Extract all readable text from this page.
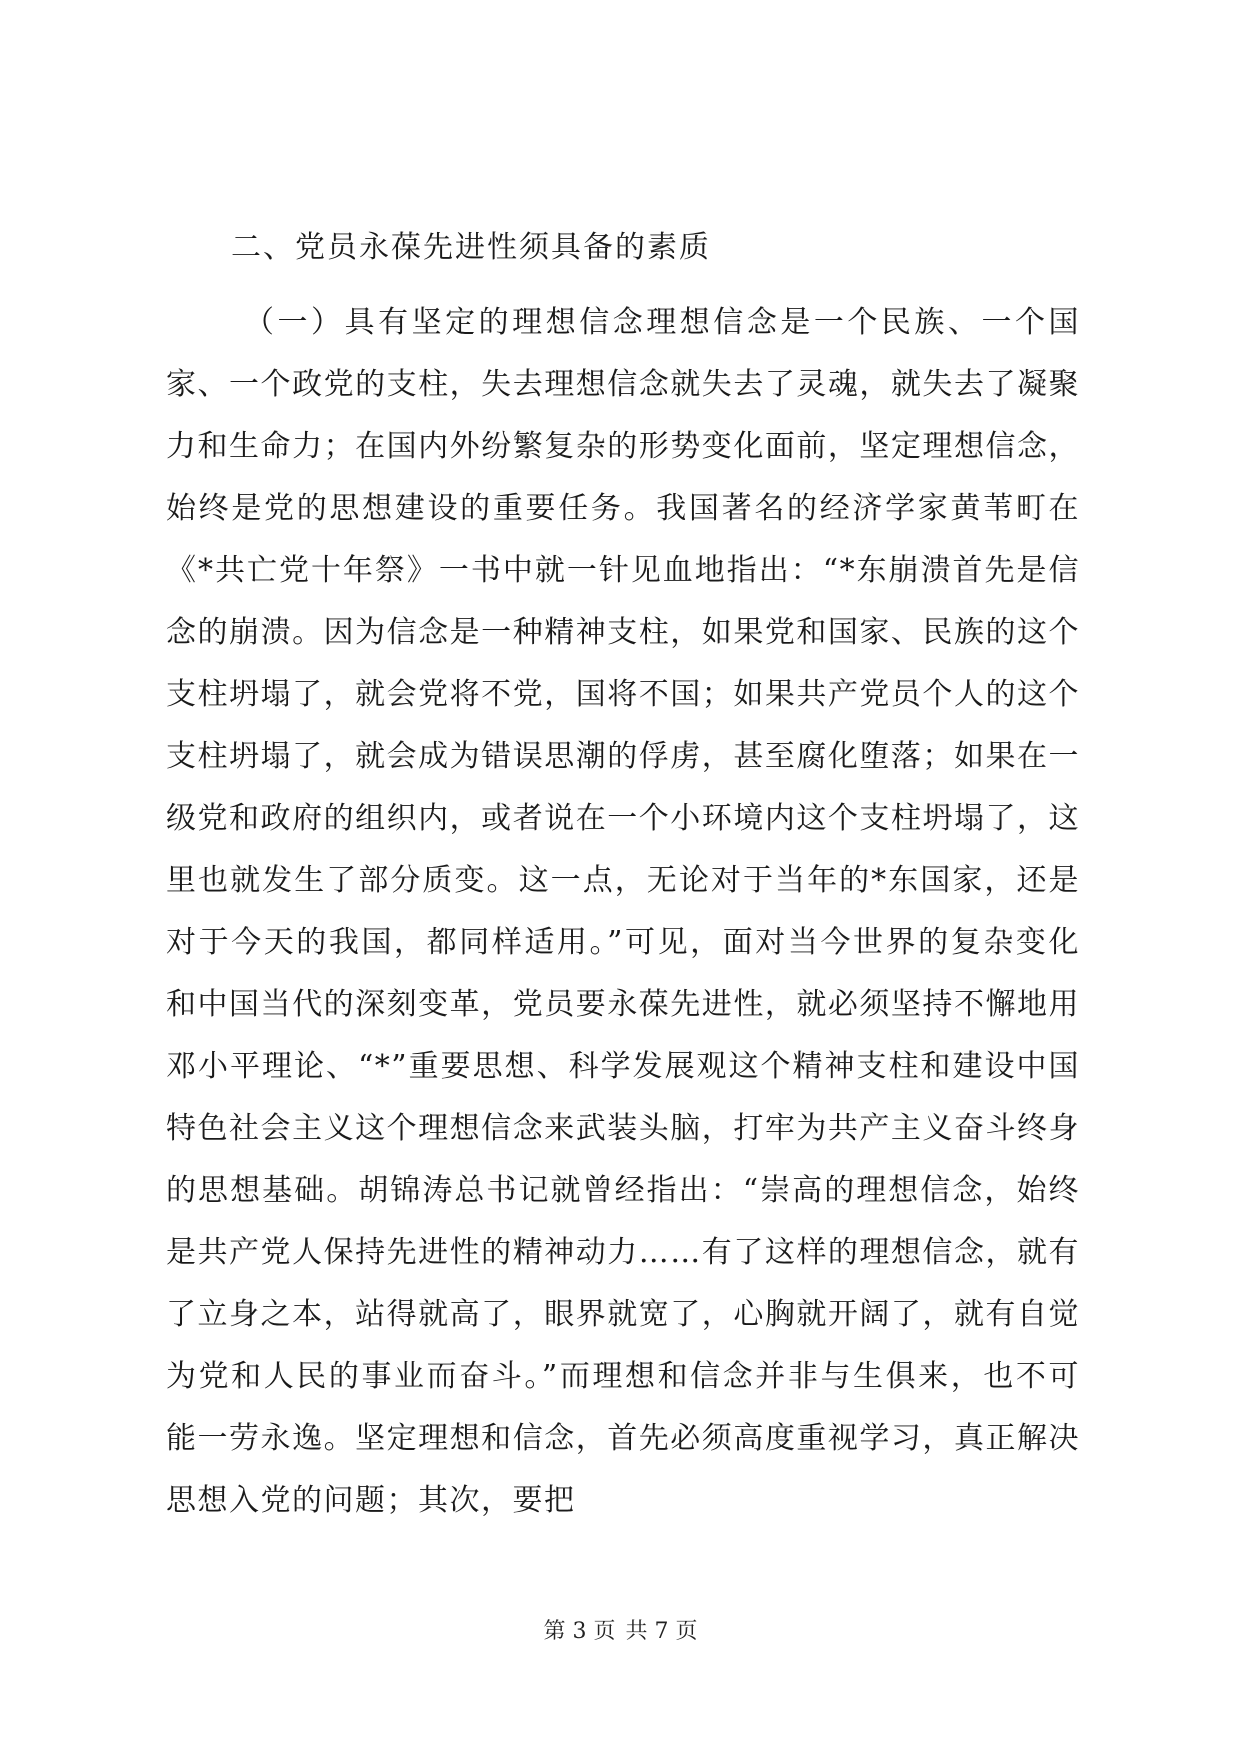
二、党员永葆先进性须具备的素质

（一）具有坚定的理想信念理想信念是一个民族、一个国家、一个政党的支柱，失去理想信念就失去了灵魂，就失去了凝聚力和生命力；在国内外纷繁复杂的形势变化面前，坚定理想信念，始终是党的思想建设的重要任务。我国著名的经济学家黄苇町在《*共亡党十年祭》一书中就一针见血地指出：“*东崩溃首先是信念的崩溃。因为信念是一种精神支柱，如果党和国家、民族的这个支柱坍塌了，就会党将不党，国将不国；如果共产党员个人的这个支柱坍塌了，就会成为错误思潮的俘虏，甚至腐化堕落；如果在一级党和政府的组织内，或者说在一个小环境内这个支柱坍塌了，这里也就发生了部分质变。这一点，无论对于当年的*东国家，还是对于今天的我国，都同样适用。”可见，面对当今世界的复杂变化和中国当代的深刻变革，党员要永葆先进性，就必须坚持不懈地用邓小平理论、“*”重要思想、科学发展观这个精神支柱和建设中国特色社会主义这个理想信念来武装头脑，打牢为共产主义奋斗终身的思想基础。胡锦涛总书记就曾经指出：“崇高的理想信念，始终是共产党人保持先进性的精神动力……有了这样的理想信念，就有了立身之本，站得就高了，眼界就宽了，心胸就开阔了，就有自觉为党和人民的事业而奋斗。”而理想和信念并非与生俱来，也不可能一劳永逸。坚定理想和信念，首先必须高度重视学习，真正解决思想入党的问题；其次，要把

第 3 页 共 7 页
